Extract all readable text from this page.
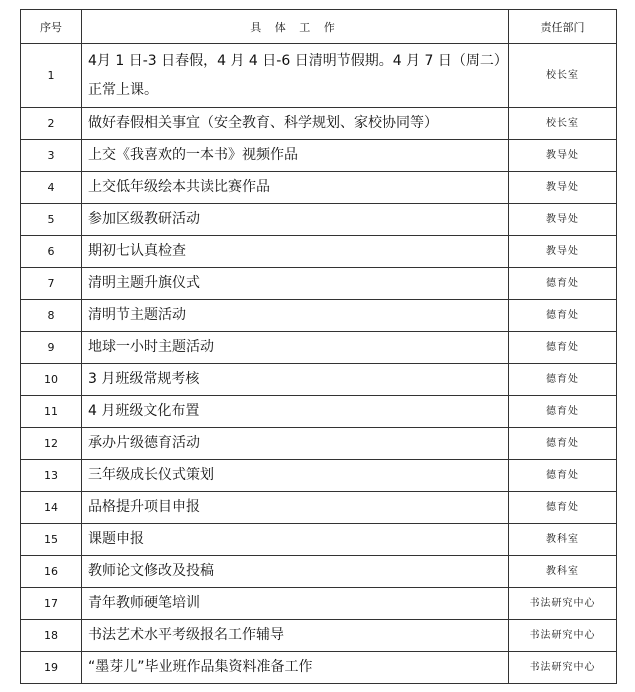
序号	具 体 工 作	责任部门
1	4月 1 日-3 日春假，4 月 4 日-6 日清明节假期。4 月 7 日（周二）正常上课。	校长室
2	做好春假相关事宜（安全教育、科学规划、家校协同等）	校长室
3	上交《我喜欢的一本书》视频作品	教导处
4	上交低年级绘本共读比赛作品	教导处
5	参加区级教研活动	教导处
6	期初七认真检查	教导处
7	清明主题升旗仪式	德育处
8	清明节主题活动	德育处
9	地球一小时主题活动	德育处
10	3 月班级常规考核	德育处
11	4 月班级文化布置	德育处
12	承办片级德育活动	德育处
13	三年级成长仪式策划	德育处
14	品格提升项目申报	德育处
15	课题申报	教科室
16	教师论文修改及投稿	教科室
17	青年教师硬笔培训	书法研究中心
18	书法艺术水平考级报名工作辅导	书法研究中心
19	“墨芽儿”毕业班作品集资料准备工作	书法研究中心
